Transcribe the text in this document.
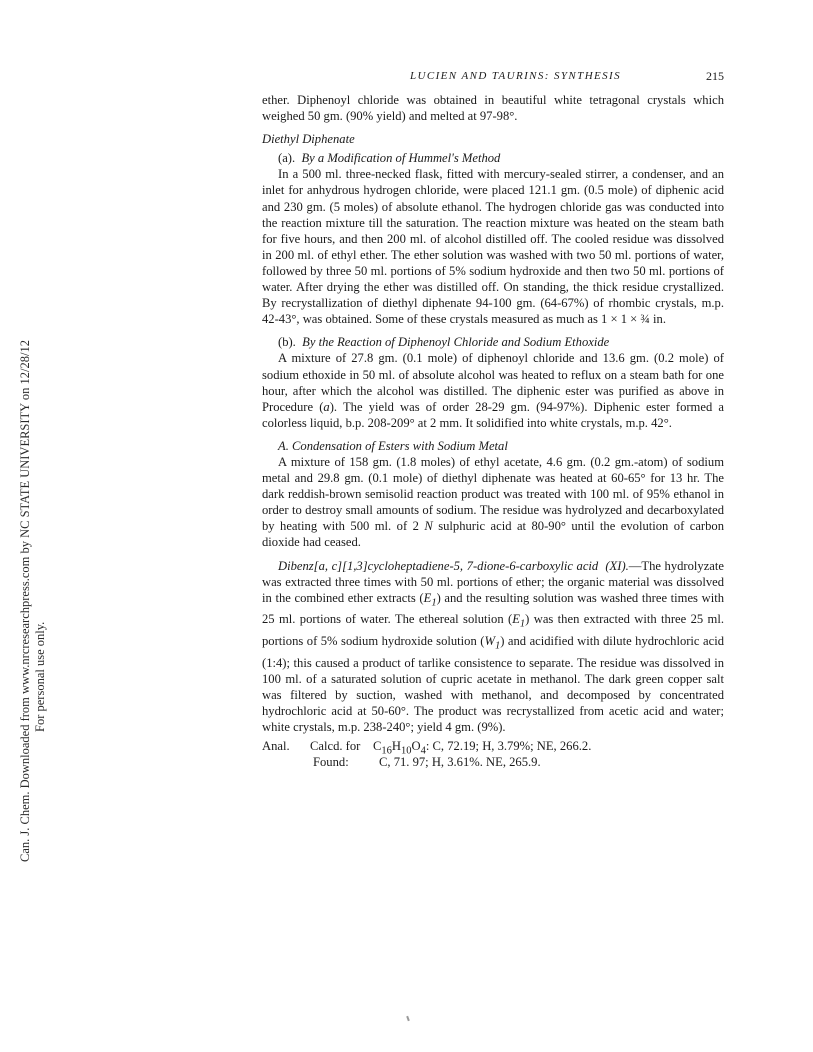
Can. J. Chem. Downloaded from www.nrcresearchpress.com by NC STATE UNIVERSITY on 12/28/12 For personal use only.
LUCIEN AND TAURINS: SYNTHESIS	215

ether. Diphenoyl chloride was obtained in beautiful white tetragonal crystals which weighed 50 gm. (90% yield) and melted at 97-98°.

Diethyl Diphenate

(a). By a Modification of Hummel's Method

In a 500 ml. three-necked flask, fitted with mercury-sealed stirrer, a condenser, and an inlet for anhydrous hydrogen chloride, were placed 121.1 gm. (0.5 mole) of diphenic acid and 230 gm. (5 moles) of absolute ethanol. The hydrogen chloride gas was conducted into the reaction mixture till the saturation. The reaction mixture was heated on the steam bath for five hours, and then 200 ml. of alcohol distilled off. The cooled residue was dissolved in 200 ml. of ethyl ether. The ether solution was washed with two 50 ml. portions of water, followed by three 50 ml. portions of 5% sodium hydroxide and then two 50 ml. portions of water. After drying the ether was distilled off. On standing, the thick residue crystallized. By recrystallization of diethyl diphenate 94-100 gm. (64-67%) of rhombic crystals, m.p. 42-43°, was obtained. Some of these crystals measured as much as 1 × 1 × ¾ in.

(b). By the Reaction of Diphenoyl Chloride and Sodium Ethoxide

A mixture of 27.8 gm. (0.1 mole) of diphenoyl chloride and 13.6 gm. (0.2 mole) of sodium ethoxide in 50 ml. of absolute alcohol was heated to reflux on a steam bath for one hour, after which the alcohol was distilled. The diphenic ester was purified as above in Procedure (a). The yield was of order 28-29 gm. (94-97%). Diphenic ester formed a colorless liquid, b.p. 208-209° at 2 mm. It solidified into white crystals, m.p. 42°.

A. Condensation of Esters with Sodium Metal

A mixture of 158 gm. (1.8 moles) of ethyl acetate, 4.6 gm. (0.2 gm.-atom) of sodium metal and 29.8 gm. (0.1 mole) of diethyl diphenate was heated at 60-65° for 13 hr. The dark reddish-brown semisolid reaction product was treated with 100 ml. of 95% ethanol in order to destroy small amounts of sodium. The residue was hydrolyzed and decarboxylated by heating with 500 ml. of 2 N sulphuric acid at 80-90° until the evolution of carbon dioxide had ceased.

Dibenz[a, c][1,3]cycloheptadiene-5, 7-dione-6-carboxylic acid (XI).—The hydrolyzate was extracted three times with 50 ml. portions of ether; the organic material was dissolved in the combined ether extracts $(E_1)$ and the resulting solution was washed three times with 25 ml. portions of water. The ethereal solution $(E_1)$ was then extracted with three 25 ml. portions of 5% sodium hydroxide solution $(W_1)$ and acidified with dilute hydrochloric acid (1:4); this caused a product of tarlike consistence to separate. The residue was dissolved in 100 ml. of a saturated solution of cupric acetate in methanol. The dark green copper salt was filtered by suction, washed with methanol, and decomposed by concentrated hydrochloric acid at 50-60°. The product was recrystallized from acetic acid and water; white crystals, m.p. 238-240°; yield 4 gm. (9%).

Anal. Calcd. for $C_{16}H_{10}O_4$: C, 72.19; H, 3.79%; NE, 266.2.
Found: C, 71. 97; H, 3.61%. NE, 265.9.
